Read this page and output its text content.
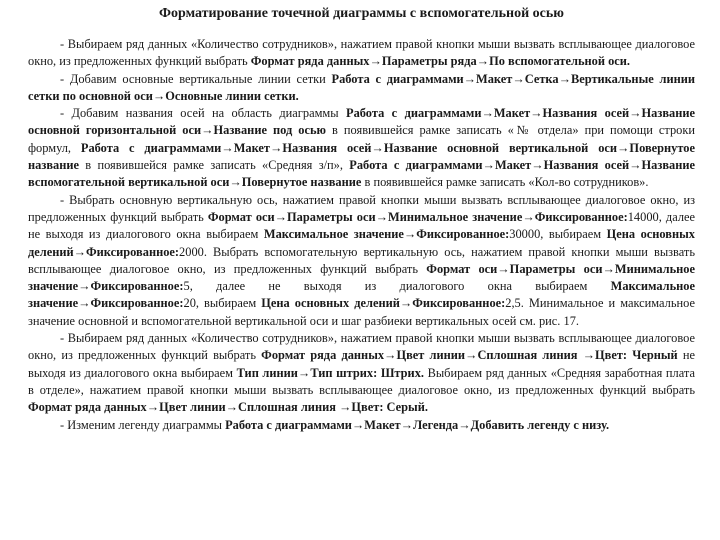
Форматирование точечной диаграммы с вспомогательной осью

- Выбираем ряд данных «Количество сотрудников», нажатием правой кнопки мыши вызвать всплывающее диалоговое окно, из предложенных функций выбрать Формат ряда данных→Параметры ряда→По вспомогательной оси.

- Добавим основные вертикальные линии сетки Работа с диаграммами→Макет→Сетка→Вертикальные линии сетки по основной оси→Основные линии сетки.

- Добавим названия осей на область диаграммы Работа с диаграммами→Макет→Названия осей→Название основной горизонтальной оси→Название под осью в появившейся рамке записать «№ отдела» при помощи строки формул, Работа с диаграммами→Макет→Названия осей→Название основной вертикальной оси→Повернутое название в появившейся рамке записать «Средняя з/п», Работа с диаграммами→Макет→Названия осей→Название вспомогательной вертикальной оси→Повернутое название в появившейся рамке записать «Кол-во сотрудников».

- Выбрать основную вертикальную ось, нажатием правой кнопки мыши вызвать всплывающее диалоговое окно, из предложенных функций выбрать Формат оси→Параметры оси→Минимальное значение→Фиксированное:14000, далее не выходя из диалогового окна выбираем Максимальное значение→Фиксированное:30000, выбираем Цена основных делений→Фиксированное:2000. Выбрать вспомогательную вертикальную ось, нажатием правой кнопки мыши вызвать всплывающее диалоговое окно, из предложенных функций выбрать Формат оси→Параметры оси→Минимальное значение→Фиксированное:5, далее не выходя из диалогового окна выбираем Максимальное значение→Фиксированное:20, выбираем Цена основных делений→Фиксированное:2,5. Минимальное и максимальное значение основной и вспомогательной вертикальной оси и шаг разбиеки вертикальных осей см. рис. 17.

- Выбираем ряд данных «Количество сотрудников», нажатием правой кнопки мыши вызвать всплывающее диалоговое окно, из предложенных функций выбрать Формат ряда данных→Цвет линии→Сплошная линия →Цвет: Черный не выходя из диалогового окна выбираем Тип линии→Тип штрих: Штрих. Выбираем ряд данных «Средняя заработная плата в отделе», нажатием правой кнопки мыши вызвать всплывающее диалоговое окно, из предложенных функций выбрать Формат ряда данных→Цвет линии→Сплошная линия →Цвет: Серый.

- Изменим легенду диаграммы Работа с диаграммами→Макет→Легенда→Добавить легенду с низу.
